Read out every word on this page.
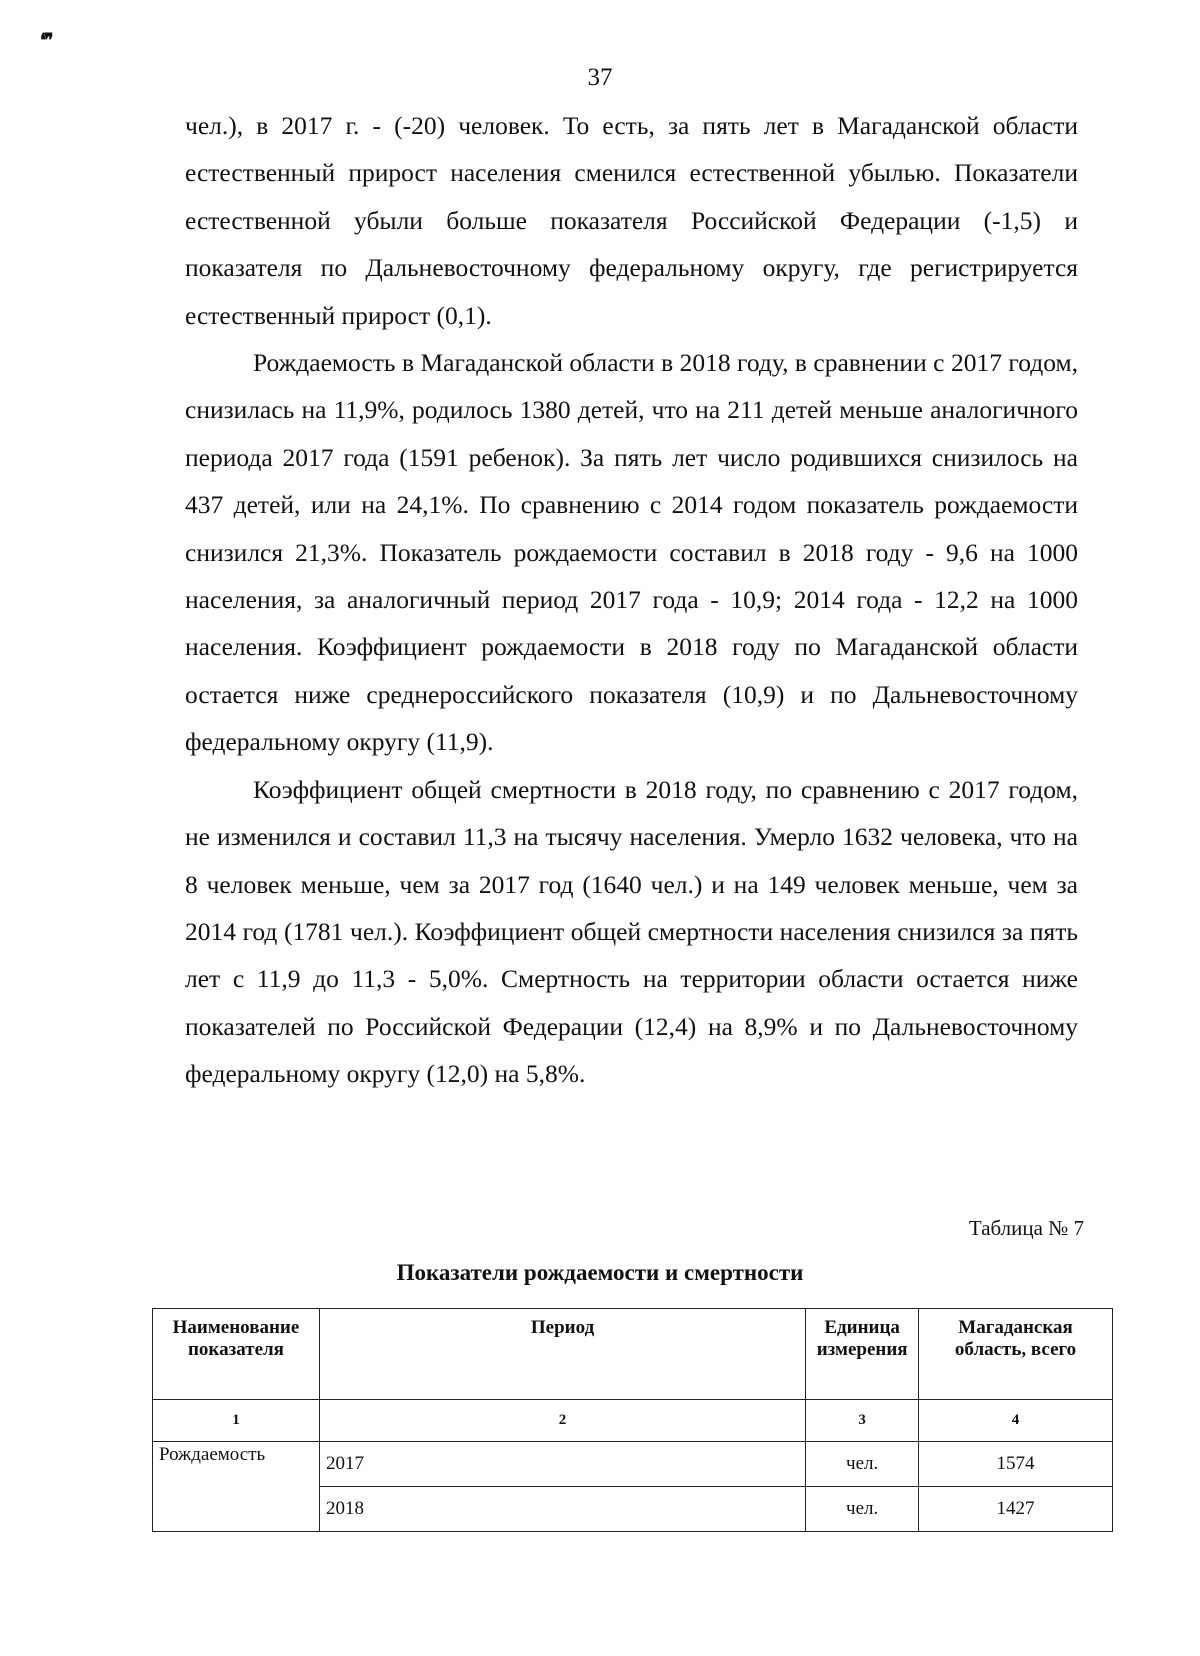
❛❞
37

чел.), в 2017 г. - (-20) человек. То есть, за пять лет в Магаданской области естественный прирост населения сменился естественной убылью. Показатели естественной убыли больше показателя Российской Федерации (-1,5) и показателя по Дальневосточному федеральному округу, где регистрируется естественный прирост (0,1).

Рождаемость в Магаданской области в 2018 году, в сравнении с 2017 годом, снизилась на 11,9%, родилось 1380 детей, что на 211 детей меньше аналогичного периода 2017 года (1591 ребенок). За пять лет число родившихся снизилось на 437 детей, или на 24,1%. По сравнению с 2014 годом показатель рождаемости снизился 21,3%. Показатель рождаемости составил в 2018 году - 9,6 на 1000 населения, за аналогичный период 2017 года - 10,9; 2014 года - 12,2 на 1000 населения. Коэффициент рождаемости в 2018 году по Магаданской области остается ниже среднероссийского показателя (10,9) и по Дальневосточному федеральному округу (11,9).

Коэффициент общей смертности в 2018 году, по сравнению с 2017 годом, не изменился и составил 11,3 на тысячу населения. Умерло 1632 человека, что на 8 человек меньше, чем за 2017 год (1640 чел.) и на 149 человек меньше, чем за 2014 год (1781 чел.). Коэффициент общей смертности населения снизился за пять лет с 11,9 до 11,3 - 5,0%. Смертность на территории области остается ниже показателей по Российской Федерации (12,4) на 8,9% и по Дальневосточному федеральному округу (12,0) на 5,8%.

Таблица № 7
Показатели рождаемости и смертности
Наименование показателя	Период	Единица измерения	Магаданская область, всего
1	2	3	4
Рождаемость	2017	чел.	1574
	2018	чел.	1427
